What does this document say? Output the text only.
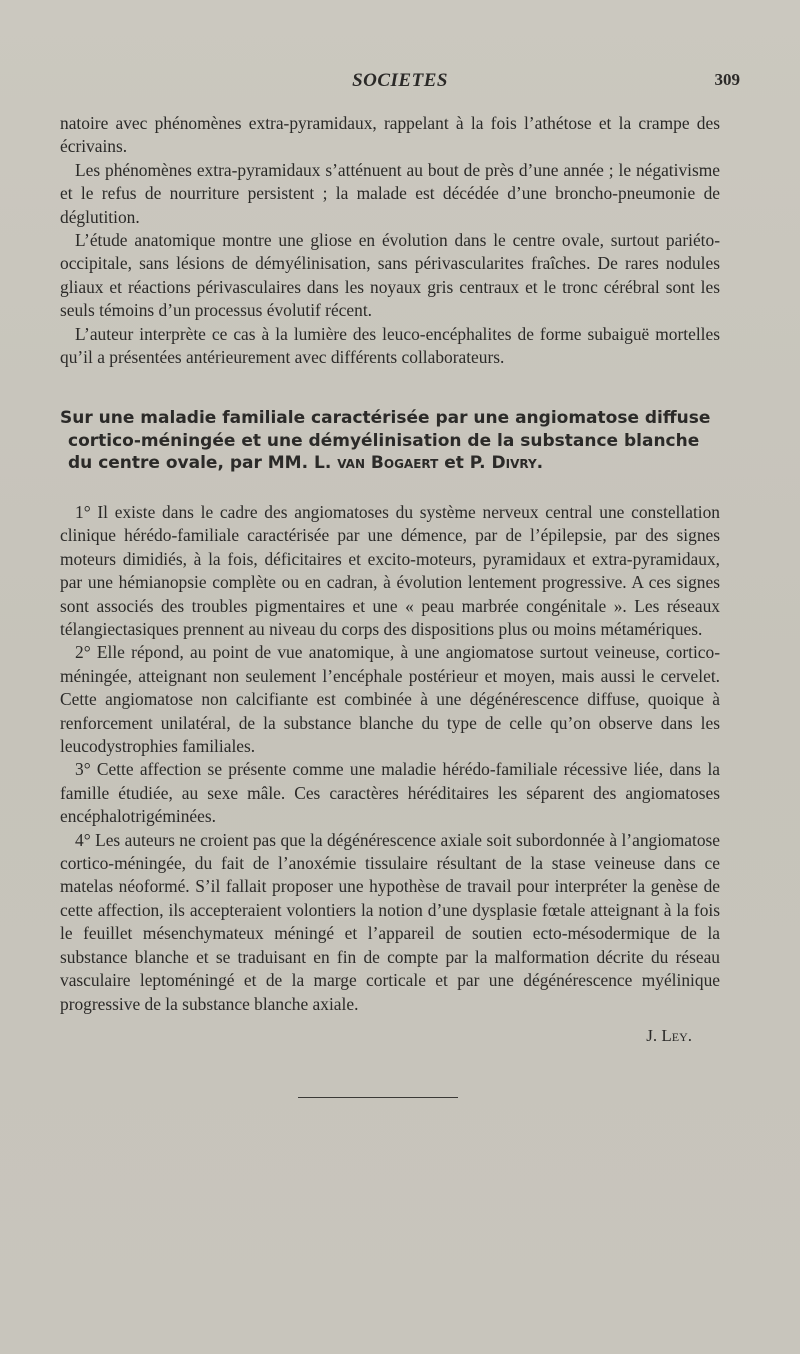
SOCIETES	309

natoire avec phénomènes extra-pyramidaux, rappelant à la fois l’athétose et la crampe des écrivains.

Les phénomènes extra-pyramidaux s’atténuent au bout de près d’une année ; le négativisme et le refus de nourriture persistent ; la malade est décédée d’une broncho-pneumonie de déglutition.

L’étude anatomique montre une gliose en évolution dans le centre ovale, surtout pariéto-occipitale, sans lésions de démyélinisation, sans périvascularites fraîches. De rares nodules gliaux et réactions périvasculaires dans les noyaux gris centraux et le tronc cérébral sont les seuls témoins d’un processus évolutif récent.

L’auteur interprète ce cas à la lumière des leuco-encéphalites de forme subaiguë mortelles qu’il a présentées antérieurement avec différents collaborateurs.

Sur une maladie familiale caractérisée par une angiomatose diffuse cortico-méningée et une démyélinisation de la substance blanche du centre ovale, par MM. L. van Bogaert et P. Divry.

1° Il existe dans le cadre des angiomatoses du système nerveux central une constellation clinique hérédo-familiale caractérisée par une démence, par de l’épilepsie, par des signes moteurs dimidiés, à la fois, déficitaires et excito-moteurs, pyramidaux et extra-pyramidaux, par une hémianopsie complète ou en cadran, à évolution lentement progressive. A ces signes sont associés des troubles pigmentaires et une « peau marbrée congénitale ». Les réseaux télangiectasiques prennent au niveau du corps des dispositions plus ou moins métamériques.

2° Elle répond, au point de vue anatomique, à une angiomatose surtout veineuse, cortico-méningée, atteignant non seulement l’encéphale postérieur et moyen, mais aussi le cervelet. Cette angiomatose non calcifiante est combinée à une dégénérescence diffuse, quoique à renforcement unilatéral, de la substance blanche du type de celle qu’on observe dans les leucodystrophies familiales.

3° Cette affection se présente comme une maladie hérédo-familiale récessive liée, dans la famille étudiée, au sexe mâle. Ces caractères héréditaires les séparent des angiomatoses encéphalotrigéminées.

4° Les auteurs ne croient pas que la dégénérescence axiale soit subordonnée à l’angiomatose cortico-méningée, du fait de l’anoxémie tissulaire résultant de la stase veineuse dans ce matelas néoformé. S’il fallait proposer une hypothèse de travail pour interpréter la genèse de cette affection, ils accepteraient volontiers la notion d’une dysplasie fœtale atteignant à la fois le feuillet mésenchymateux méningé et l’appareil de soutien ecto-mésodermique de la substance blanche et se traduisant en fin de compte par la malformation décrite du réseau vasculaire leptoméningé et de la marge corticale et par une dégénérescence myélinique progressive de la substance blanche axiale.

J. Ley.
